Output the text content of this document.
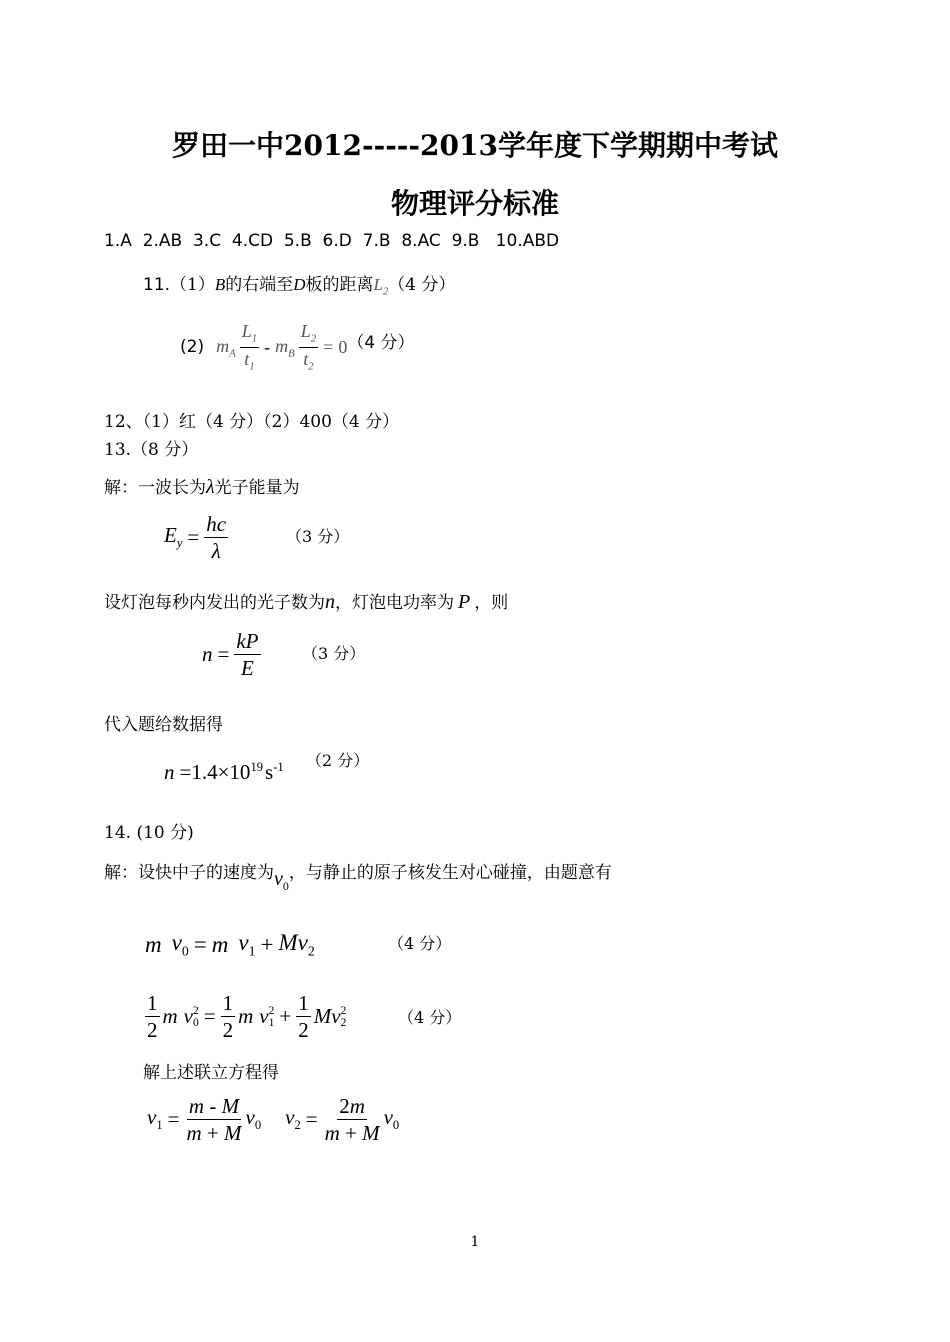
罗田一中2012-----2013学年度下学期期中考试
物理评分标准
1.A  2.AB  3.C  4.CD  5.B  6.D  7.B  8.AC  9.B   10.ABD
11. （1） B 的右端至 D 板的距离 $L_2$ （4 分）
(2) $m_A \frac{L_1}{t_1} - m_B \frac{L_2}{t_2} = 0$ （4 分）
12、（1）红（4 分）（2）400（4 分）
13.（8 分）
解：一波长为 λ 光子能量为
$E_y = \frac{hc}{\lambda}$	（3 分）
设灯泡每秒内发出的光子数为 n ，灯泡电功率为 P ，则
$n = \frac{kP}{E}$	（3 分）
代入题给数据得
$n =1.4\times 10^{19}s^{-1}$ （2 分）
14. (10 分)
解：设快中子的速度为 $v_0$
，与静止的原子核发生对心碰撞，由题意有
m $v_0 = m$ $v_1 + Mv_2$	（4 分）
$\frac{1}{2}$ m v 2
$0 = \frac{1}{2}$ m v 2
$1 + \frac{1}{2}$ Mv 2
2	（4 分）
解上述联立方程得
$v_1 = \frac{m - M}{m + M} v_0$ $v_2 = \frac{2m}{m + M} v_0$
1
